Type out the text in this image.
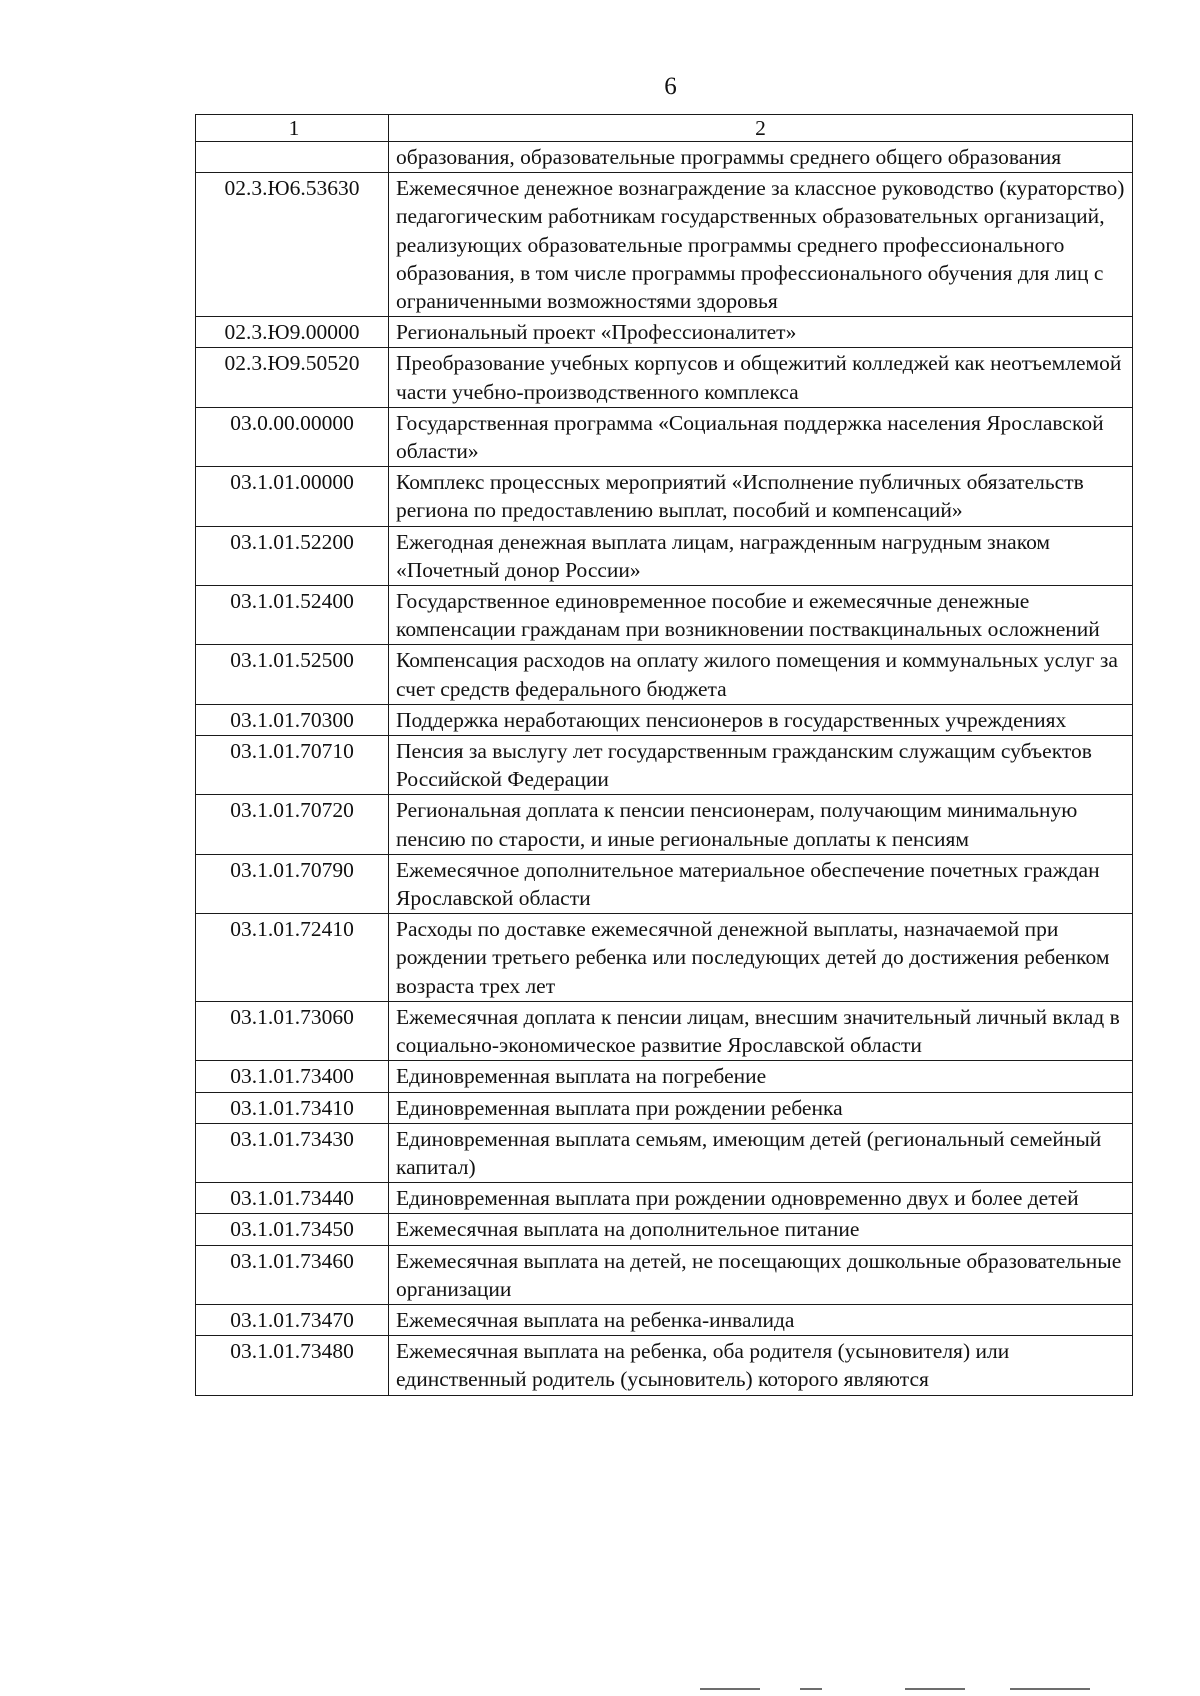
6
1	2
	образования, образовательные программы среднего общего образования
02.3.Ю6.53630	Ежемесячное денежное вознаграждение за классное руководство (кураторство) педагогическим работникам государственных образовательных организаций, реализующих образовательные программы среднего профессионального образования, в том числе программы профессионального обучения для лиц с ограниченными возможностями здоровья
02.3.Ю9.00000	Региональный проект «Профессионалитет»
02.3.Ю9.50520	Преобразование учебных корпусов и общежитий колледжей как неотъемлемой части учебно-производственного комплекса
03.0.00.00000	Государственная программа «Социальная поддержка населения Ярославской области»
03.1.01.00000	Комплекс процессных мероприятий «Исполнение публичных обязательств региона по предоставлению выплат, пособий и компенсаций»
03.1.01.52200	Ежегодная денежная выплата лицам, награжденным нагрудным знаком «Почетный донор России»
03.1.01.52400	Государственное единовременное пособие и ежемесячные денежные компенсации гражданам при возникновении поствакцинальных осложнений
03.1.01.52500	Компенсация расходов на оплату жилого помещения и коммунальных услуг за счет средств федерального бюджета
03.1.01.70300	Поддержка неработающих пенсионеров в государственных учреждениях
03.1.01.70710	Пенсия за выслугу лет государственным гражданским служащим субъектов Российской Федерации
03.1.01.70720	Региональная доплата к пенсии пенсионерам, получающим минимальную пенсию по старости, и иные региональные доплаты к пенсиям
03.1.01.70790	Ежемесячное дополнительное материальное обеспечение почетных граждан Ярославской области
03.1.01.72410	Расходы по доставке ежемесячной денежной выплаты, назначаемой при рождении третьего ребенка или последующих детей до достижения ребенком возраста трех лет
03.1.01.73060	Ежемесячная доплата к пенсии лицам, внесшим значительный личный вклад в социально-экономическое развитие Ярославской области
03.1.01.73400	Единовременная выплата на погребение
03.1.01.73410	Единовременная выплата при рождении ребенка
03.1.01.73430	Единовременная выплата семьям, имеющим детей (региональный семейный капитал)
03.1.01.73440	Единовременная выплата при рождении одновременно двух и более детей
03.1.01.73450	Ежемесячная выплата на дополнительное питание
03.1.01.73460	Ежемесячная выплата на детей, не посещающих дошкольные образовательные организации
03.1.01.73470	Ежемесячная выплата на ребенка-инвалида
03.1.01.73480	Ежемесячная выплата на ребенка, оба родителя (усыновителя) или единственный родитель (усыновитель) которого являются
